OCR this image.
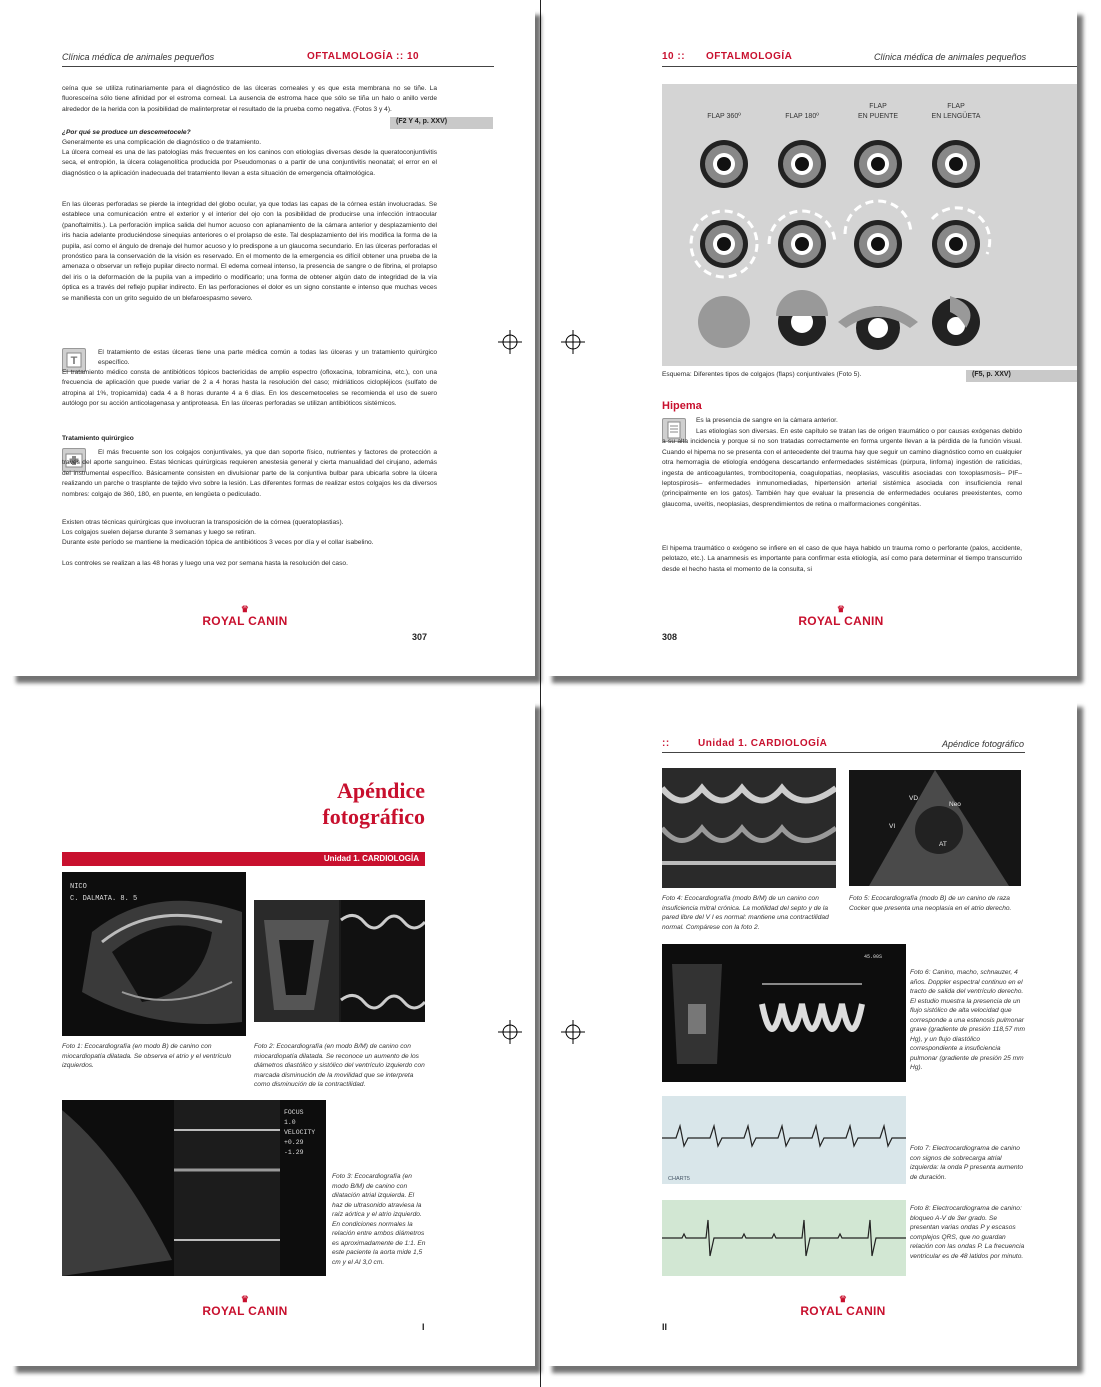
Clínica médica de animales pequeños	OFTALMOLOGÍA :: 10

ceína que se utiliza rutinariamente para el diagnóstico de las úlceras corneales y es que esta membrana no se tiñe. La fluoresceína sólo tiene afinidad por el estroma corneal. La ausencia de estroma hace que sólo se tiña un halo o anillo verde alrededor de la herida con la posibilidad de malinterpretar el resultado de la prueba como negativa. (Fotos 3 y 4).

(F2 Y 4, p. XXV)
¿Por qué se produce un descemetocele?

Generalmente es una complicación de diagnóstico o de tratamiento.

La úlcera corneal es una de las patologías más frecuentes en los caninos con etiologías diversas desde la queratoconjuntivitis seca, el entropión, la úlcera colagenolítica producida por Pseudomonas o a partir de una conjuntivitis neonatal; el error en el diagnóstico o la aplicación inadecuada del tratamiento llevan a esta situación de emergencia oftalmológica.

En las úlceras perforadas se pierde la integridad del globo ocular, ya que todas las capas de la córnea están involucradas. Se establece una comunicación entre el exterior y el interior del ojo con la posibilidad de producirse una infección intraocular (panoftalmitis.). La perforación implica salida del humor acuoso con aplanamiento de la cámara anterior y desplazamiento del iris hacia adelante produciéndose sinequias anteriores o el prolapso de este. Tal desplazamiento del iris modifica la forma de la pupila, así como el ángulo de drenaje del humor acuoso y lo predispone a un glaucoma secundario. En las úlceras perforadas el pronóstico para la conservación de la visión es reservado. En el momento de la emergencia es difícil obtener una prueba de la amenaza o observar un reflejo pupilar directo normal. El edema corneal intenso, la presencia de sangre o de fibrina, el prolapso del iris o la deformación de la pupila van a impedirlo o modificarlo; una forma de obtener algún dato de integridad de la vía óptica es a través del reflejo pupilar indirecto. En las perforaciones el dolor es un signo constante e intenso que muchas veces se manifiesta con un grito seguido de un blefaroespasmo severo.

T

El tratamiento de estas úlceras tiene una parte médica común a todas las úlceras y un tratamiento quirúrgico específico.

El tratamiento médico consta de antibióticos tópicos bactericidas de amplio espectro (ofloxacina, tobramicina, etc.), con una frecuencia de aplicación que puede variar de 2 a 4 horas hasta la resolución del caso; midriáticos ciclopléjicos (sulfato de atropina al 1%, tropicamida) cada 4 a 8 horas durante 4 a 6 días. En los descemetoceles se recomienda el uso de suero autólogo por su acción anticolagenasa y antiproteasa. En las úlceras perforadas se utilizan antibióticos sistémicos.

Tratamiento quirúrgico

El más frecuente son los colgajos conjuntivales, ya que dan soporte físico, nutrientes y factores de protección a través del aporte sanguíneo. Estas técnicas quirúrgicas requieren anestesia general y cierta manualidad del cirujano, además del instrumental específico. Básicamente consisten en divulsionar parte de la conjuntiva bulbar para ubicarla sobre la úlcera realizando un parche o trasplante de tejido vivo sobre la lesión. Las diferentes formas de realizar estos colgajos les da diversos nombres: colgajo de 360, 180, en puente, en lengüeta o pediculado.

Existen otras técnicas quirúrgicas que involucran la transposición de la córnea (queratoplastias).

Los colgajos suelen dejarse durante 3 semanas y luego se retiran.

Durante este período se mantiene la medicación tópica de antibióticos 3 veces por día y el collar isabelino.

Los controles se realizan a las 48 horas y luego una vez por semana hasta la resolución del caso.

♛
ROYAL CANIN
307
10 :: OFTALMOLOGÍA	Clínica médica de animales pequeños
FLAP 360º	FLAP 180º
FLAP
EN PUENTE
FLAP
EN LENGÜETA
Esquema: Diferentes tipos de colgajos (flaps) conjuntivales (Foto 5).	(F5, p. XXV)
Hipema

Es la presencia de sangre en la cámara anterior.

Las etiologías son diversas. En este capítulo se tratan las de origen traumático o por causas exógenas debido a su alta incidencia y porque si no son tratadas correctamente en forma urgente llevan a la pérdida de la función visual. Cuando el hipema no se presenta con el antecedente del trauma hay que seguir un camino diagnóstico como en cualquier otra hemorragia de etiología endógena descartando enfermedades sistémicas (púrpura, linfoma) ingestión de raticidas, ingesta de anticoagulantes, trombocitopenia, coagulopatías, neoplasias, vasculitis asociadas con toxoplasmosis– PIF– leptospirosis– enfermedades inmunomediadas, hipertensión arterial sistémica asociada con insuficiencia renal (principalmente en los gatos). También hay que evaluar la presencia de enfermedades oculares preexistentes, como glaucoma, uveítis, neoplasias, desprendimientos de retina o malformaciones congénitas.

El hipema traumático o exógeno se infiere en el caso de que haya habido un trauma romo o perforante (palos, accidente, pelotazo, etc.). La anamnesis es importante para confirmar esta etiología, así como para determinar el tiempo transcurrido desde el hecho hasta el momento de la consulta, si

♛
ROYAL CANIN
308
Apéndice
fotográfico
Unidad 1. CARDIOLOGÍA
NICO
C. DALMATA. 8. 5
Foto 1: Ecocardiografía (en modo B) de canino con miocardiopatía dilatada. Se observa el atrio y el ventrículo izquierdos.
Foto 2: Ecocardiografía (en modo B/M) de canino con miocardiopatía dilatada. Se reconoce un aumento de los diámetros diastólico y sistólico del ventrículo izquierdo con marcada disminución de la movilidad que se interpreta como disminución de la contractilidad.
FOCUS
1.0
VELOCITY
+0.29
-1.29
Foto 3: Ecocardiografía (en modo B/M) de canino con dilatación atrial izquierda. El haz de ultrasonido atraviesa la raíz aórtica y el atrio izquierdo. En condiciones normales la relación entre ambos diámetros es aproximadamente de 1:1. En este paciente la aorta mide 1,5 cm y el AI 3,0 cm.
♛
ROYAL CANIN
I
::	Unidad 1. CARDIOLOGÍA	Apéndice fotográfico
VD
Neo
VI
AT
Foto 4: Ecocardiografía (modo B/M) de un canino con insuficiencia mitral crónica. La motilidad del septo y de la pared libre del V I es normal: mantiene una contractilidad normal. Compárese con la foto 2.
Foto 5: Ecocardiografía (modo B) de un canino de raza Cocker que presenta una neoplasia en el atrio derecho.
45.00S
Foto 6: Canino, macho, schnauzer, 4 años. Doppler espectral continuo en el tracto de salida del ventrículo derecho. El estudio muestra la presencia de un flujo sistólico de alta velocidad que corresponde a una estenosis pulmonar grave (gradiente de presión 118,57 mm Hg), y un flujo diastólico correspondiente a insuficiencia pulmonar (gradiente de presión 25 mm Hg).
CHART5
Foto 7: Electrocardiograma de canino con signos de sobrecarga atrial izquierda: la onda P presenta aumento de duración.
Foto 8: Electrocardiograma de canino: bloqueo A-V de 3er grado. Se presentan varias ondas P y escasos complejos QRS, que no guardan relación con las ondas P. La frecuencia ventricular es de 48 latidos por minuto.
♛
ROYAL CANIN
II
